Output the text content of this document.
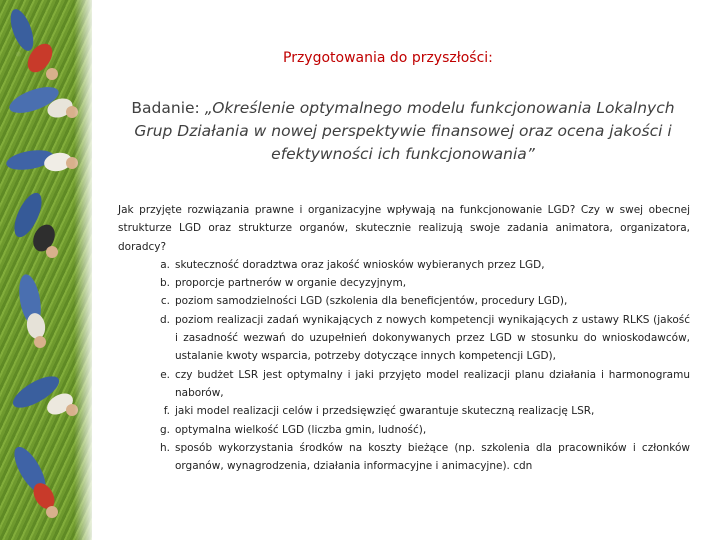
Przygotowania do przyszłości:
Badanie: „Określenie optymalnego modelu funkcjonowania Lokalnych Grup Działania w nowej perspektywie finansowej oraz ocena jakości i efektywności ich funkcjonowania”
Jak przyjęte rozwiązania prawne i organizacyjne wpływają na funkcjonowanie LGD? Czy w swej obecnej strukturze LGD oraz strukturze organów, skutecznie realizują swoje zadania animatora, organizatora, doradcy?
a. skuteczność doradztwa oraz jakość wniosków wybieranych przez LGD,
b. proporcje partnerów w organie decyzyjnym,
c. poziom samodzielności LGD (szkolenia dla beneficjentów, procedury LGD),
d. poziom realizacji zadań wynikających z nowych kompetencji wynikających z ustawy RLKS (jakość i zasadność wezwań do uzupełnień dokonywanych przez LGD w stosunku do wnioskodawców, ustalanie kwoty wsparcia, potrzeby dotyczące innych kompetencji LGD),
e. czy budżet LSR jest optymalny i jaki przyjęto model realizacji planu działania i harmonogramu naborów,
f. jaki model realizacji celów i przedsięwzięć gwarantuje skuteczną realizację LSR,
g. optymalna wielkość LGD (liczba gmin, ludność),
h. sposób wykorzystania środków na koszty bieżące (np. szkolenia dla pracowników i członków organów, wynagrodzenia, działania informacyjne i animacyjne). cdn
